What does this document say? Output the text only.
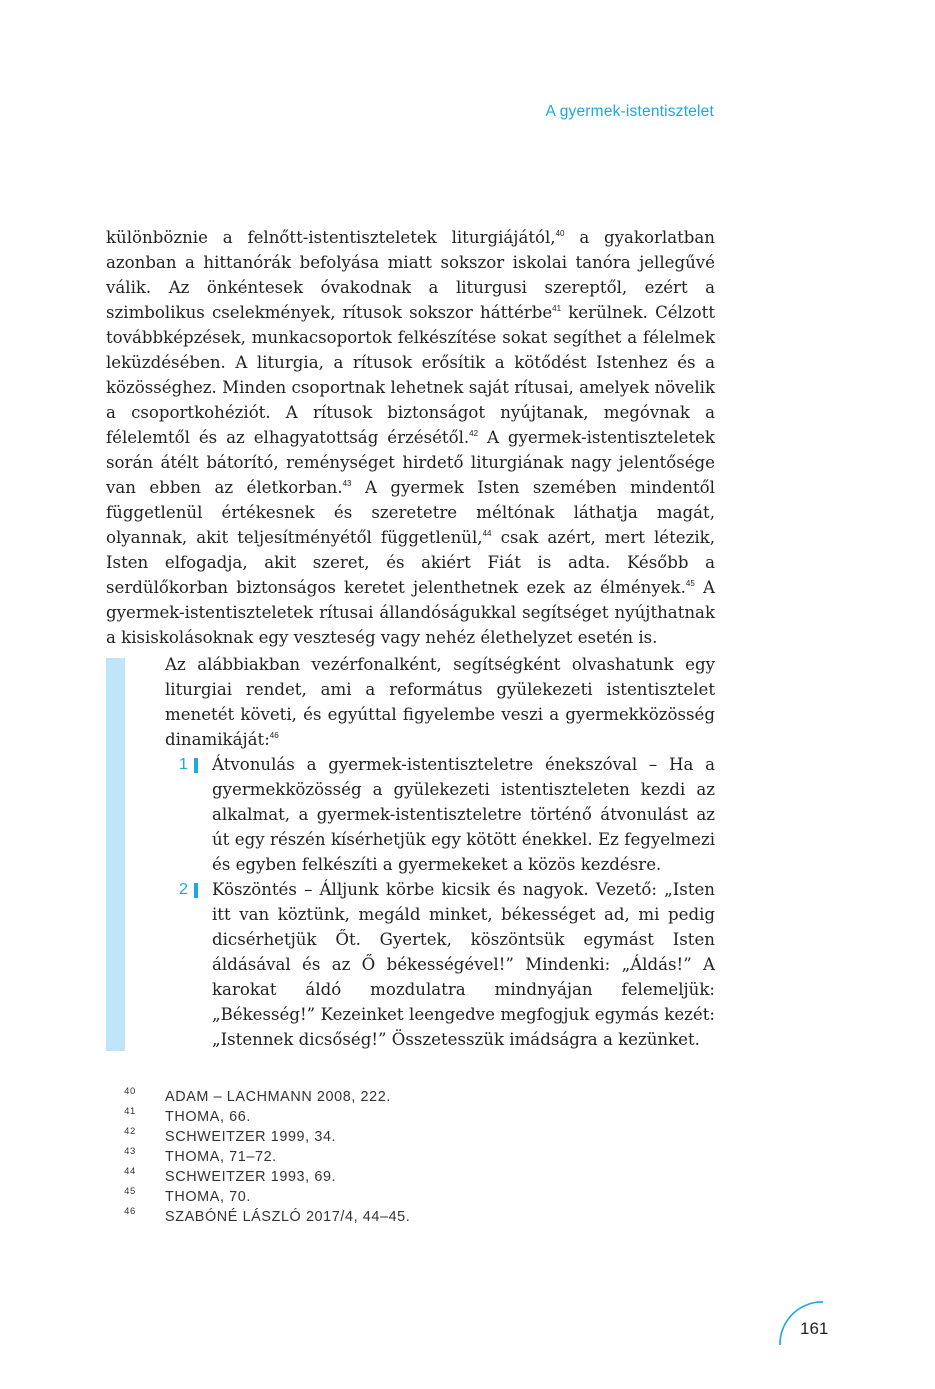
A gyermek-istentisztelet

különböznie a felnőtt-istentiszteletek liturgiájától,$^{40}$ a gyakorlatban azonban a hittanórák befolyása miatt sokszor iskolai tanóra jellegűvé válik. Az önkéntesek óvakodnak a liturgusi szereptől, ezért a szimbolikus cselekmények, rítusok sokszor háttérbe$^{41}$ kerülnek. Célzott továbbképzések, munkacsoportok felkészítése sokat segíthet a félelmek leküzdésében. A liturgia, a rítusok erősítik a kötődést Istenhez és a közösséghez. Minden csoportnak lehetnek saját rítusai, amelyek növelik a csoportkohéziót. A rítusok biztonságot nyújtanak, megóvnak a félelemtől és az elhagyatottság érzésétől.$^{42}$ A gyermek-istentiszteletek során átélt bátorító, reménységet hirdető liturgiának nagy jelentősége van ebben az életkorban.$^{43}$ A gyermek Isten szemében mindentől függetlenül értékesnek és szeretetre méltónak láthatja magát, olyannak, akit teljesítményétől függetlenül,$^{44}$ csak azért, mert létezik, Isten elfogadja, akit szeret, és akiért Fiát is adta. Később a serdülőkorban biztonságos keretet jelenthetnek ezek az élmények.$^{45}$ A gyermek-istentiszteletek rítusai állandóságukkal segítséget nyújthatnak a kisiskolásoknak egy veszteség vagy nehéz élethelyzet esetén is.

Az alábbiakban vezérfonalként, segítségként olvashatunk egy liturgiai rendet, ami a református gyülekezeti istentisztelet menetét követi, és egyúttal figyelembe veszi a gyermekközösség dinamikáját:$^{46}$

1 Átvonulás a gyermek-istentiszteletre énekszóval – Ha a gyermekközösség a gyülekezeti istentiszteleten kezdi az alkalmat, a gyermek-istentiszteletre történő átvonulást az út egy részén kísérhetjük egy kötött énekkel. Ez fegyelmezi és egyben felkészíti a gyermekeket a közös kezdésre.
2 Köszöntés – Álljunk körbe kicsik és nagyok. Vezető: „Isten itt van köztünk, megáld minket, békességet ad, mi pedig dicsérhetjük Őt. Gyertek, köszöntsük egymást Isten áldásával és az Ő békességével!” Mindenki: „Áldás!” A karokat áldó mozdulatra mindnyájan felemeljük: „Békesség!” Kezeinket leengedve megfogjuk egymás kezét: „Istennek dicsőség!” Összetesszük imádságra a kezünket.
40 ADAM – LACHMANN 2008, 222.
41 THOMA, 66.
42 SCHWEITZER 1999, 34.
43 THOMA, 71–72.
44 SCHWEITZER 1993, 69.
45 THOMA, 70.
46 SZABÓNÉ LÁSZLÓ 2017/4, 44–45.
161
